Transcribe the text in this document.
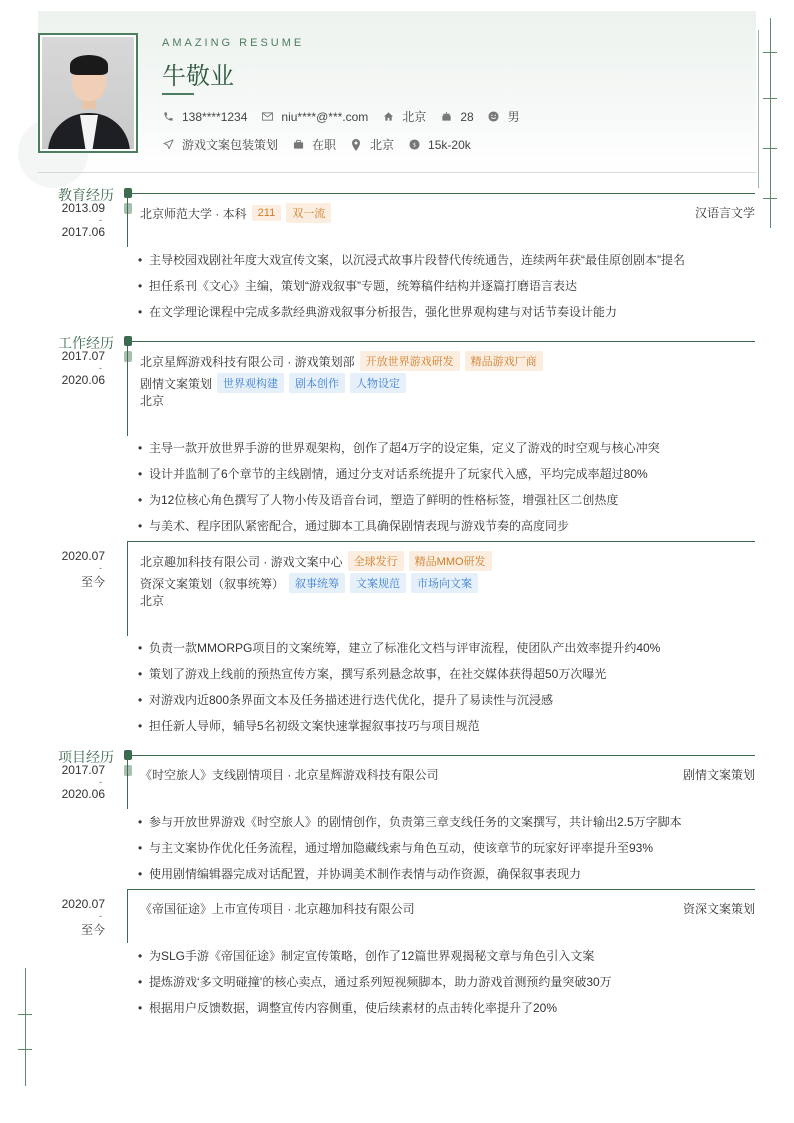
AMAZING RESUME
牛敬业
138****1234	niu****@***.com	北京	28	男
游戏文案包装策划	在职	北京 $ 15k-20k
教育经历
2013.09
-
2017.06
北京师范大学 · 本科	211	双一流	汉语言文学
• 主导校园戏剧社年度大戏宣传文案，以沉浸式故事片段替代传统通告，连续两年获“最佳原创剧本”提名
• 担任系刊《文心》主编，策划“游戏叙事”专题，统筹稿件结构并逐篇打磨语言表达
• 在文学理论课程中完成多款经典游戏叙事分析报告，强化世界观构建与对话节奏设计能力
工作经历
2017.07
-
2020.06
北京星辉游戏科技有限公司 · 游戏策划部	开放世界游戏研发	精品游戏厂商
剧情文案策划	世界观构建	剧本创作	人物设定
北京
• 主导一款开放世界手游的世界观架构，创作了超4万字的设定集，定义了游戏的时空观与核心冲突
• 设计并监制了6个章节的主线剧情，通过分支对话系统提升了玩家代入感，平均完成率超过80%
• 为12位核心角色撰写了人物小传及语音台词，塑造了鲜明的性格标签，增强社区二创热度
• 与美术、程序团队紧密配合，通过脚本工具确保剧情表现与游戏节奏的高度同步
2020.07
-
至今
北京趣加科技有限公司 · 游戏文案中心	全球发行	精品MMO研发
资深文案策划（叙事统筹）	叙事统筹	文案规范	市场向文案
北京
• 负责一款MMORPG项目的文案统筹，建立了标准化文档与评审流程，使团队产出效率提升约40%
• 策划了游戏上线前的预热宣传方案，撰写系列悬念故事，在社交媒体获得超50万次曝光
• 对游戏内近800条界面文本及任务描述进行迭代优化，提升了易读性与沉浸感
• 担任新人导师，辅导5名初级文案快速掌握叙事技巧与项目规范
项目经历
2017.07
-
2020.06
《时空旅人》支线剧情项目 · 北京星辉游戏科技有限公司	剧情文案策划
• 参与开放世界游戏《时空旅人》的剧情创作，负责第三章支线任务的文案撰写，共计输出2.5万字脚本
• 与主文案协作优化任务流程，通过增加隐藏线索与角色互动，使该章节的玩家好评率提升至93%
• 使用剧情编辑器完成对话配置，并协调美术制作表情与动作资源，确保叙事表现力
2020.07
-
至今
《帝国征途》上市宣传项目 · 北京趣加科技有限公司	资深文案策划
• 为SLG手游《帝国征途》制定宣传策略，创作了12篇世界观揭秘文章与角色引入文案
• 提炼游戏‘多文明碰撞’的核心卖点，通过系列短视频脚本，助力游戏首测预约量突破30万
• 根据用户反馈数据，调整宣传内容侧重，使后续素材的点击转化率提升了20%
